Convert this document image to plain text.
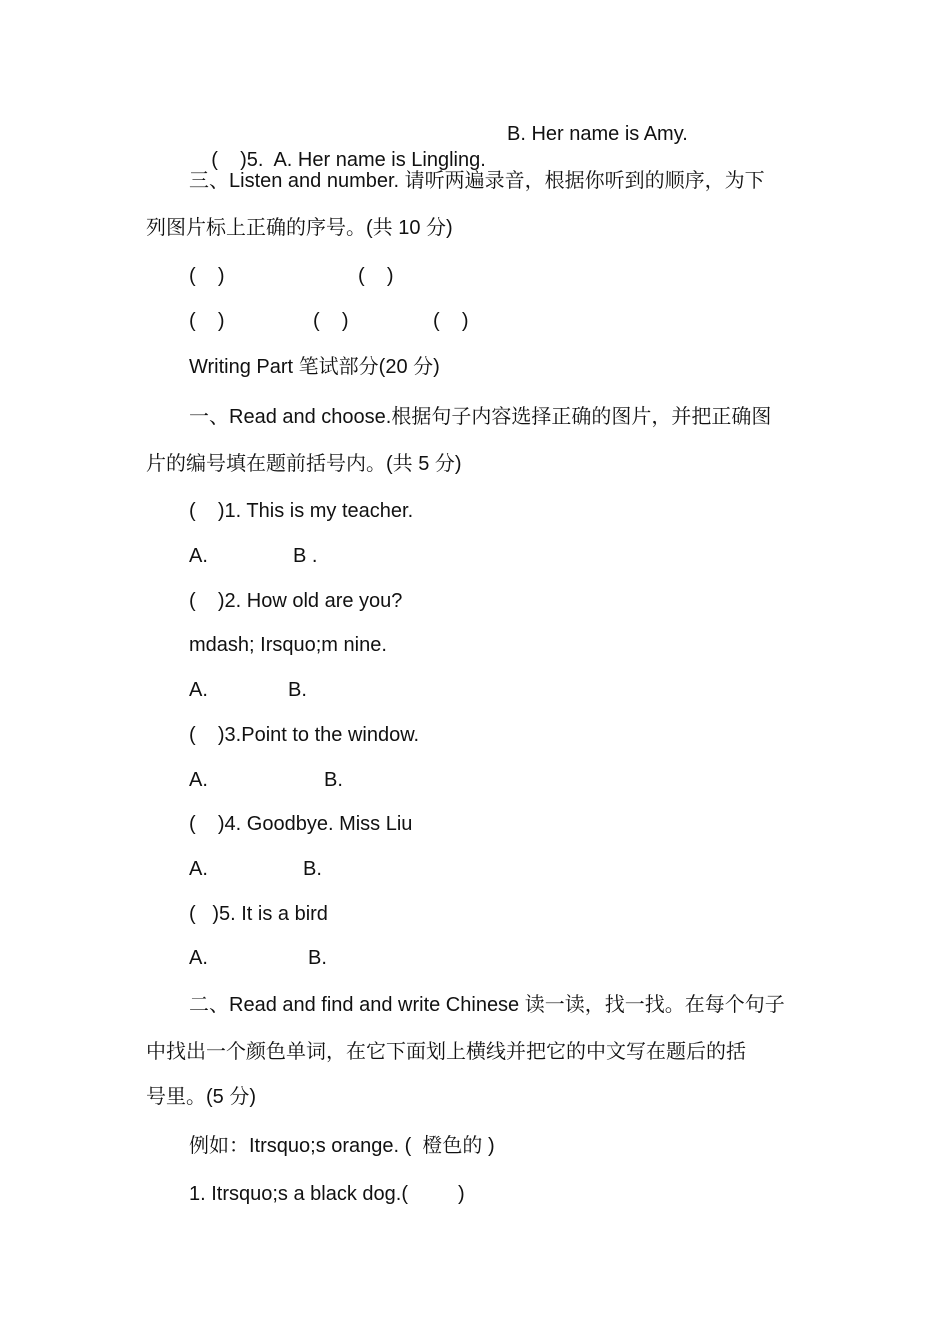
(    )5.  A. Her name is Lingling.

B. Her name is Amy.
三、Listen and number. 请听两遍录音，根据你听到的顺序，为下
列图片标上正确的序号。(共 10 分)
(    )	(    )
(    )	(    )	(    )
Writing Part 笔试部分(20 分)
一、Read and choose.根据句子内容选择正确的图片，并把正确图
片的编号填在题前括号内。(共 5 分)
(    )1. This is my teacher.
A.	B .
(    )2. How old are you?
mdash; Irsquo;m nine.
A.	B.
(    )3.Point to the window.
A.	B.
(    )4. Goodbye. Miss Liu
A.	B.
(   )5. It is a bird
A.	B.
二、Read and find and write Chinese 读一读，找一找。在每个句子
中找出一个颜色单词，在它下面划上横线并把它的中文写在题后的括
号里。(5 分)
例如：Itrsquo;s orange. (  橙色的 )
1. Itrsquo;s a black dog.(         )
